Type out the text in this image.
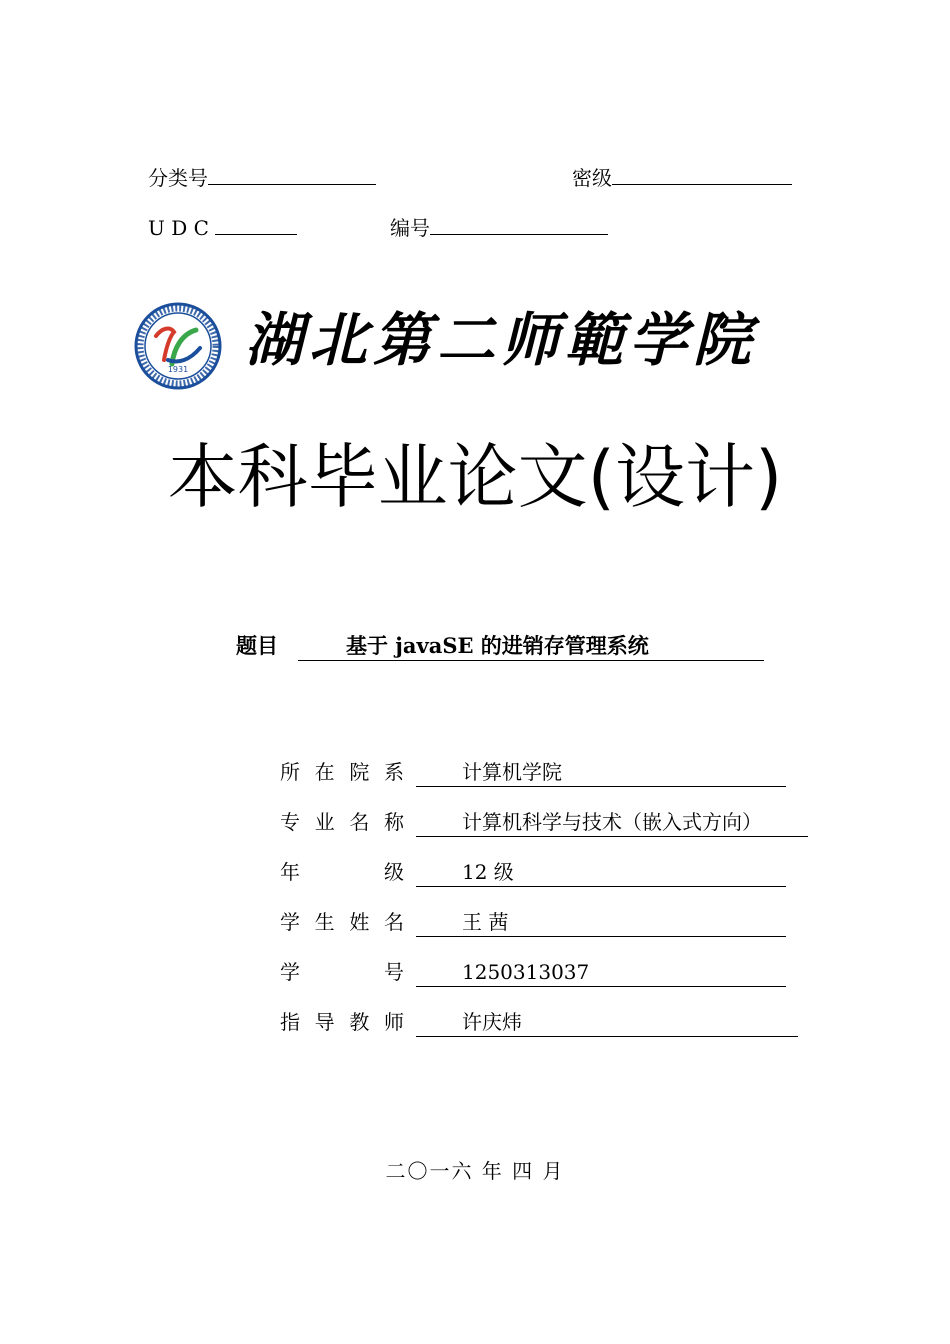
分类号	密级
U D C	编号
1931 湖北第二师範学院
本科毕业论文(设计)
题目	基于 javaSE 的进销存管理系统
所 在 院 系	计算机学院
专 业 名 称	计算机科学与技术（嵌入式方向）
年 级	12 级
学 生 姓 名	王 茜
学 号	1250313037
指 导 教 师	许庆炜
二〇一六 年 四 月
